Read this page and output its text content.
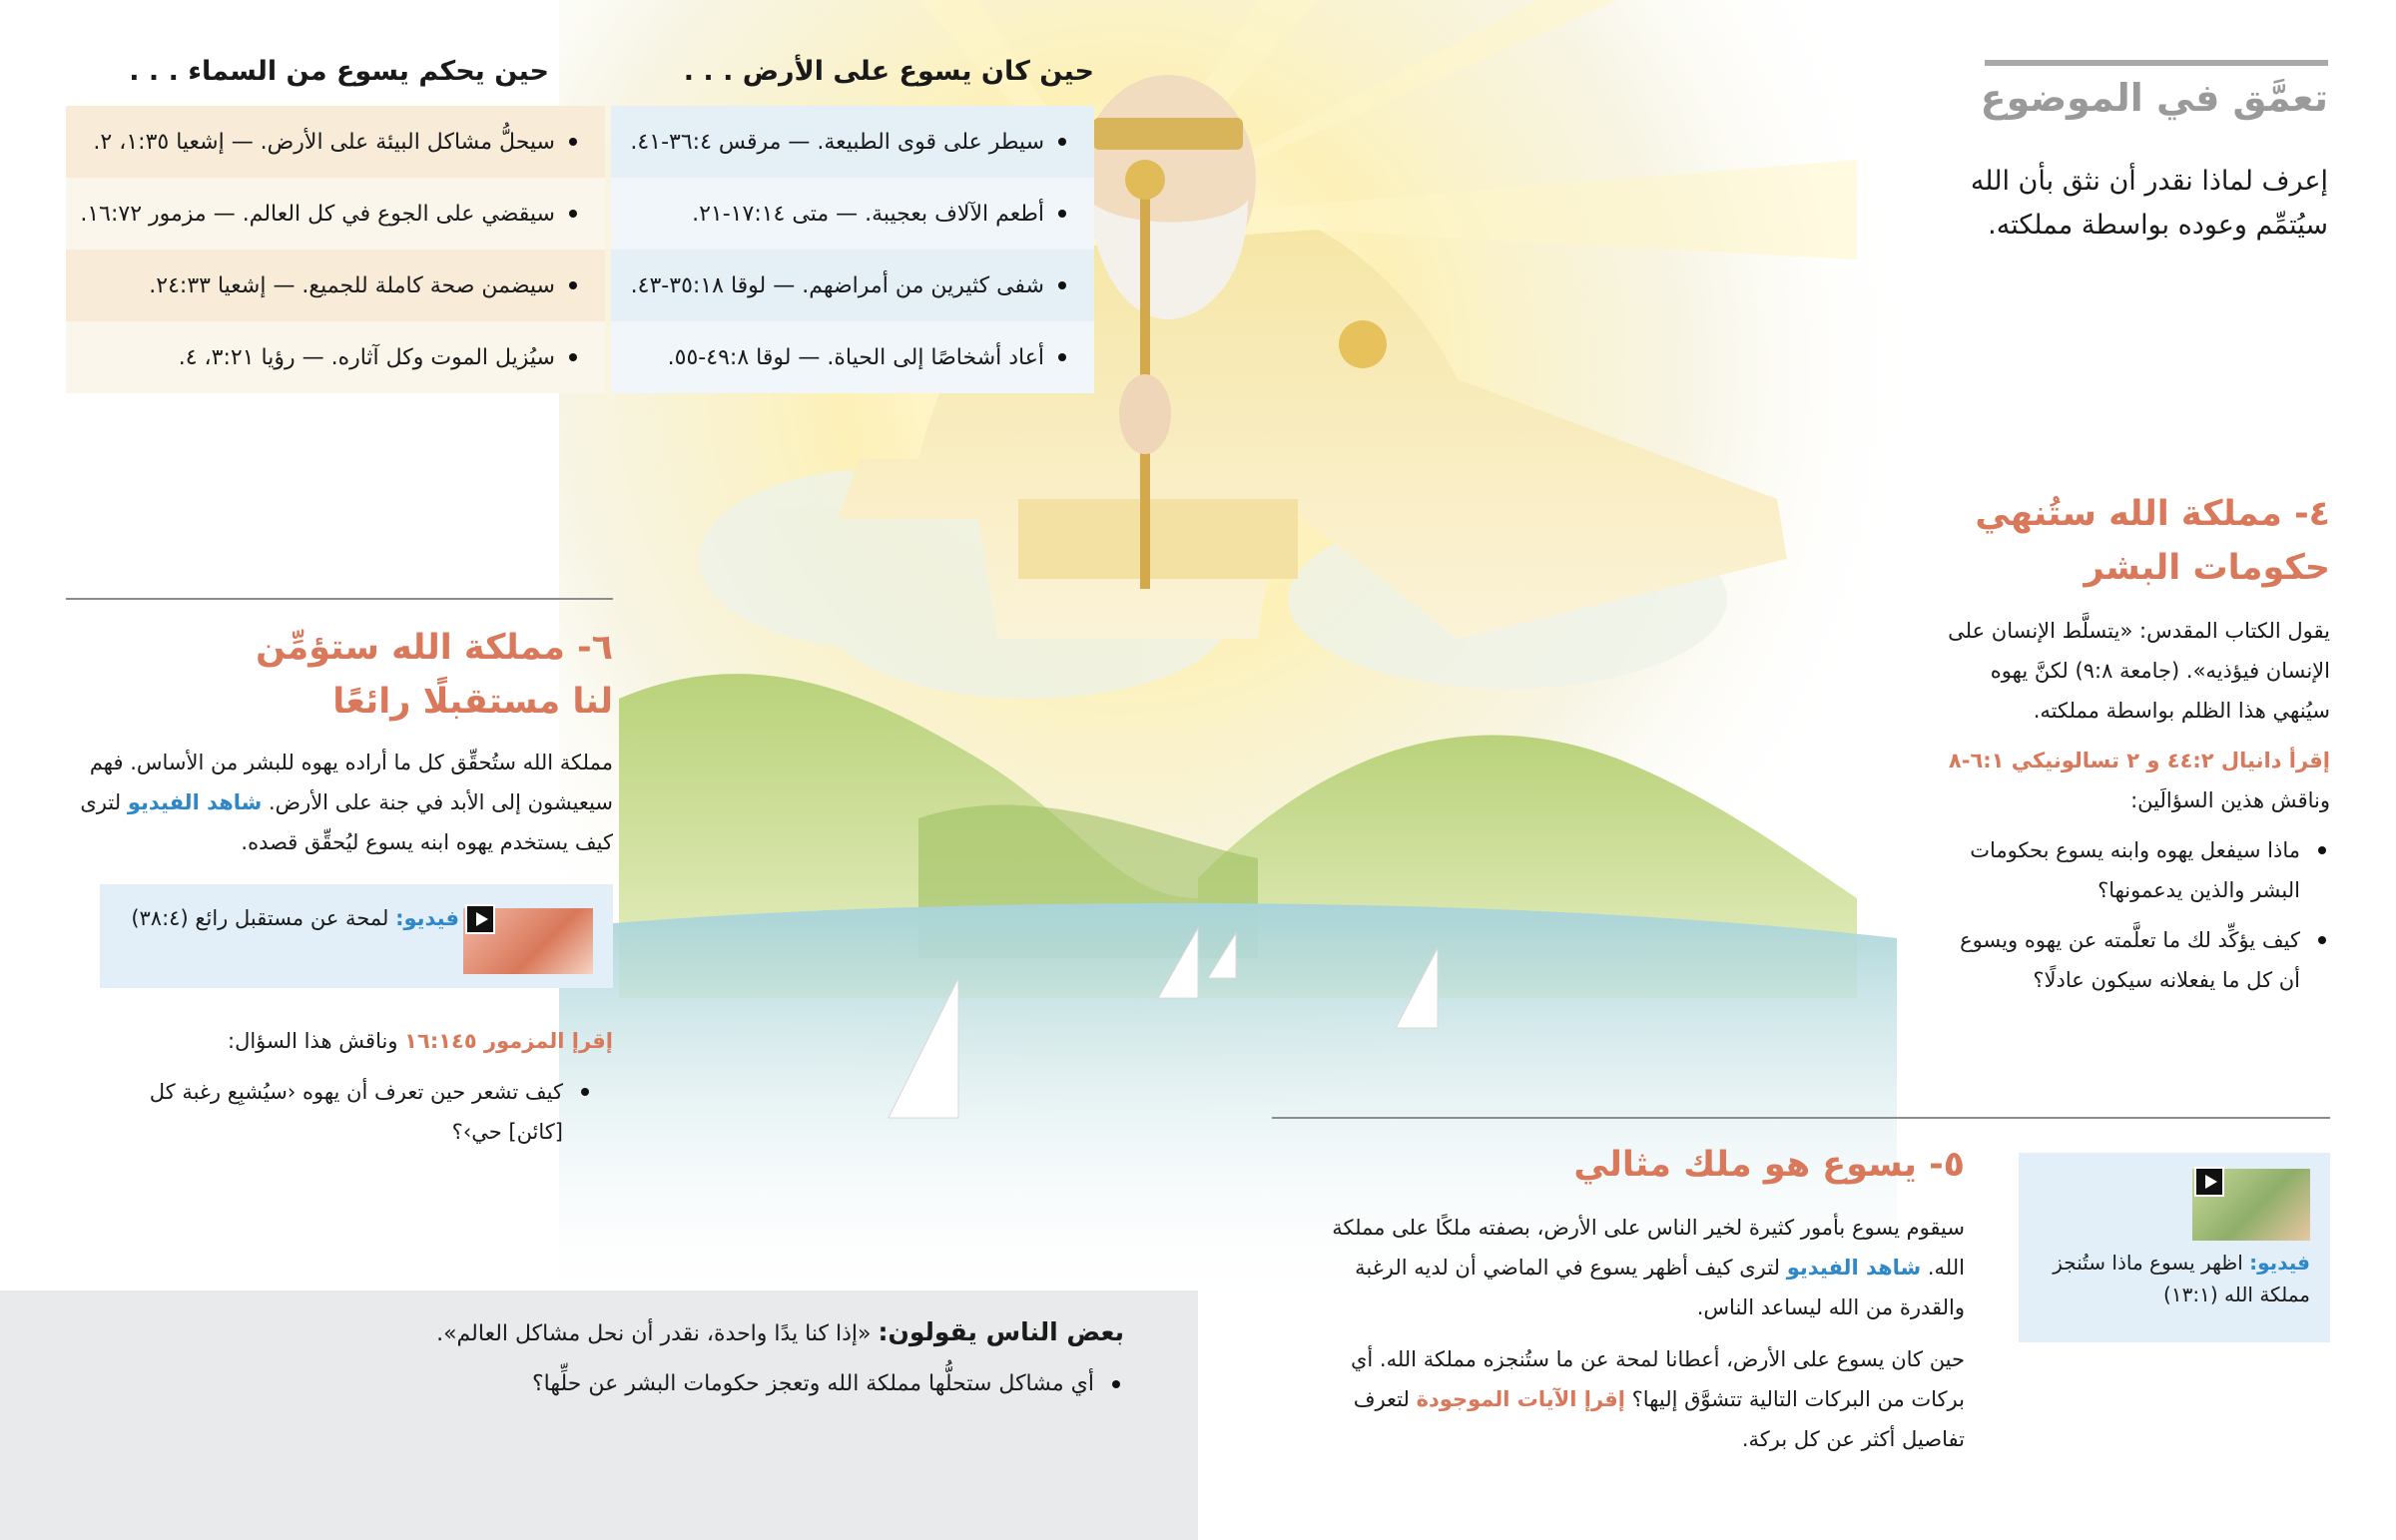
حين كان يسوع على الأرض . . .
حين يحكم يسوع من السماء . . .
سيطر على قوى الطبيعة. — مرقس ٤:‏٣٦-‏٤١.
أطعم الآلاف بعجيبة. — متى ١٤:‏١٧-‏٢١.
شفى كثيرين من أمراضهم. — لوقا ١٨:‏٣٥-‏٤٣.
أعاد أشخاصًا إلى الحياة. — لوقا ٨:‏٤٩-‏٥٥.
سيحلُّ مشاكل البيئة على الأرض. — إشعيا ٣٥:‏١،‏ ٢.
سيقضي على الجوع في كل العالم. — مزمور ٧٢:‏١٦.
سيضمن صحة كاملة للجميع. — إشعيا ٣٣:‏٢٤.
سيُزيل الموت وكل آثاره. — رؤيا ٢١:‏٣،‏ ٤.
تعمَّق في الموضوع
إعرف لماذا نقدر أن نثق بأن الله سيُتمِّم وعوده بواسطة مملكته.
٤- مملكة الله ستُنهي
حكومات البشر
يقول الكتاب المقدس: «يتسلَّط الإنسان على الإنسان فيؤذيه». (جامعة ٨:‏٩) لكنَّ يهوه سيُنهي هذا الظلم بواسطة مملكته.
إقرأ دانيال ٢:‏٤٤ و ٢ تسالونيكي ١:‏٦-‏٨
وناقش هذين السؤالَين:
ماذا سيفعل يهوه وابنه يسوع بحكومات البشر والذين يدعمونها؟
كيف يؤكِّد لك ما تعلَّمته عن يهوه ويسوع أن كل ما يفعلانه سيكون عادلًا؟
٦- مملكة الله ستؤمِّن
لنا مستقبلًا رائعًا
مملكة الله ستُحقِّق كل ما أراده يهوه للبشر من الأساس. فهم سيعيشون إلى الأبد في جنة على الأرض. شاهد الفيديو لترى كيف يستخدم يهوه ابنه يسوع ليُحقِّق قصده.
فيديو: لمحة عن مستقبل رائع (٤:‏٣٨)
إقرإ المزمور ١٤٥:‏١٦ وناقش هذا السؤال:
كيف تشعر حين تعرف أن يهوه ‹سيُشبِع رغبة كل [كائن] حي›؟
٥- يسوع هو ملك مثالي
سيقوم يسوع بأمور كثيرة لخير الناس على الأرض، بصفته ملكًا على مملكة الله. شاهد الفيديو لترى كيف أظهر يسوع في الماضي أن لديه الرغبة والقدرة من الله ليساعد الناس.
حين كان يسوع على الأرض، أعطانا لمحة عن ما ستُنجزه مملكة الله. أي بركات من البركات التالية تتشوَّق إليها؟ إقرإ الآيات الموجودة لتعرف تفاصيل أكثر عن كل بركة.
فيديو: اظهر يسوع ماذا ستُنجز مملكة الله (١:‏١٣)
بعض الناس يقولون: «إذا كنا يدًا واحدة، نقدر أن نحل مشاكل العالم».
أي مشاكل ستحلُّها مملكة الله وتعجز حكومات البشر عن حلِّها؟
